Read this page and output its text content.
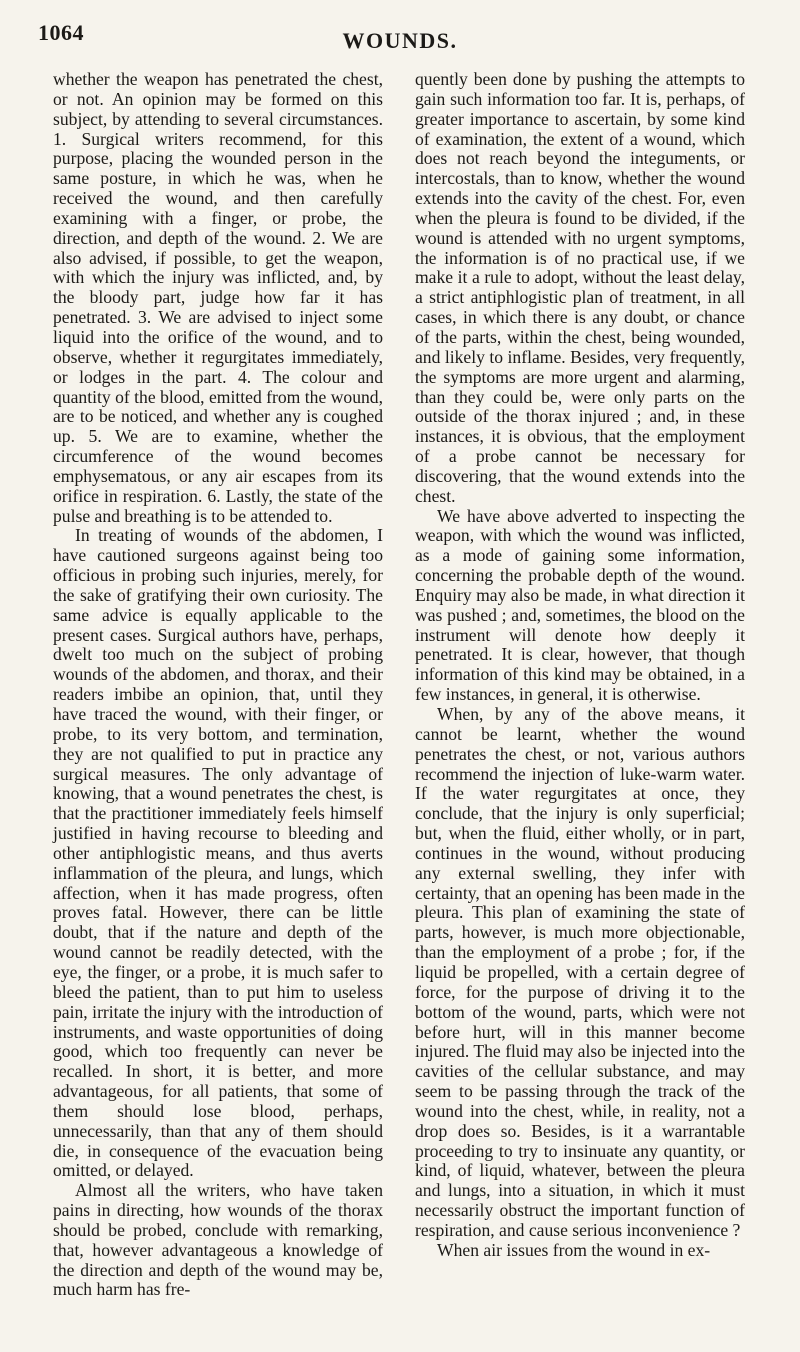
1064	WOUNDS.

whether the weapon has penetrated the chest, or not. An opinion may be formed on this subject, by attending to several circumstances. 1. Surgical writers recommend, for this purpose, placing the wounded person in the same posture, in which he was, when he received the wound, and then carefully examining with a finger, or probe, the direction, and depth of the wound. 2. We are also advised, if possible, to get the weapon, with which the injury was inflicted, and, by the bloody part, judge how far it has penetrated. 3. We are advised to inject some liquid into the orifice of the wound, and to observe, whether it regurgitates immediately, or lodges in the part. 4. The colour and quantity of the blood, emitted from the wound, are to be noticed, and whether any is coughed up. 5. We are to examine, whether the circumference of the wound becomes emphysematous, or any air escapes from its orifice in respiration. 6. Lastly, the state of the pulse and breathing is to be attended to.

In treating of wounds of the abdomen, I have cautioned surgeons against being too officious in probing such injuries, merely, for the sake of gratifying their own curiosity. The same advice is equally applicable to the present cases. Surgical authors have, perhaps, dwelt too much on the subject of probing wounds of the abdomen, and thorax, and their readers imbibe an opinion, that, until they have traced the wound, with their finger, or probe, to its very bottom, and termination, they are not qualified to put in practice any surgical measures. The only advantage of knowing, that a wound penetrates the chest, is that the practitioner immediately feels himself justified in having recourse to bleeding and other antiphlogistic means, and thus averts inflammation of the pleura, and lungs, which affection, when it has made progress, often proves fatal. However, there can be little doubt, that if the nature and depth of the wound cannot be readily detected, with the eye, the finger, or a probe, it is much safer to bleed the patient, than to put him to useless pain, irritate the injury with the introduction of instruments, and waste opportunities of doing good, which too frequently can never be recalled. In short, it is better, and more advantageous, for all patients, that some of them should lose blood, perhaps, unnecessarily, than that any of them should die, in consequence of the evacuation being omitted, or delayed.

Almost all the writers, who have taken pains in directing, how wounds of the thorax should be probed, conclude with remarking, that, however advantageous a knowledge of the direction and depth of the wound may be, much harm has fre-

quently been done by pushing the attempts to gain such information too far. It is, perhaps, of greater importance to ascertain, by some kind of examination, the extent of a wound, which does not reach beyond the integuments, or intercostals, than to know, whether the wound extends into the cavity of the chest. For, even when the pleura is found to be divided, if the wound is attended with no urgent symptoms, the information is of no practical use, if we make it a rule to adopt, without the least delay, a strict antiphlogistic plan of treatment, in all cases, in which there is any doubt, or chance of the parts, within the chest, being wounded, and likely to inflame. Besides, very frequently, the symptoms are more urgent and alarming, than they could be, were only parts on the outside of the thorax injured ; and, in these instances, it is obvious, that the employment of a probe cannot be necessary for discovering, that the wound extends into the chest.

We have above adverted to inspecting the weapon, with which the wound was inflicted, as a mode of gaining some information, concerning the probable depth of the wound. Enquiry may also be made, in what direction it was pushed ; and, sometimes, the blood on the instrument will denote how deeply it penetrated. It is clear, however, that though information of this kind may be obtained, in a few instances, in general, it is otherwise.

When, by any of the above means, it cannot be learnt, whether the wound penetrates the chest, or not, various authors recommend the injection of luke-warm water. If the water regurgitates at once, they conclude, that the injury is only superficial; but, when the fluid, either wholly, or in part, continues in the wound, without producing any external swelling, they infer with certainty, that an opening has been made in the pleura. This plan of examining the state of parts, however, is much more objectionable, than the employment of a probe ; for, if the liquid be propelled, with a certain degree of force, for the purpose of driving it to the bottom of the wound, parts, which were not before hurt, will in this manner become injured. The fluid may also be injected into the cavities of the cellular substance, and may seem to be passing through the track of the wound into the chest, while, in reality, not a drop does so. Besides, is it a warrantable proceeding to try to insinuate any quantity, or kind, of liquid, whatever, between the pleura and lungs, into a situation, in which it must necessarily obstruct the important function of respiration, and cause serious inconvenience ?

When air issues from the wound in ex-
